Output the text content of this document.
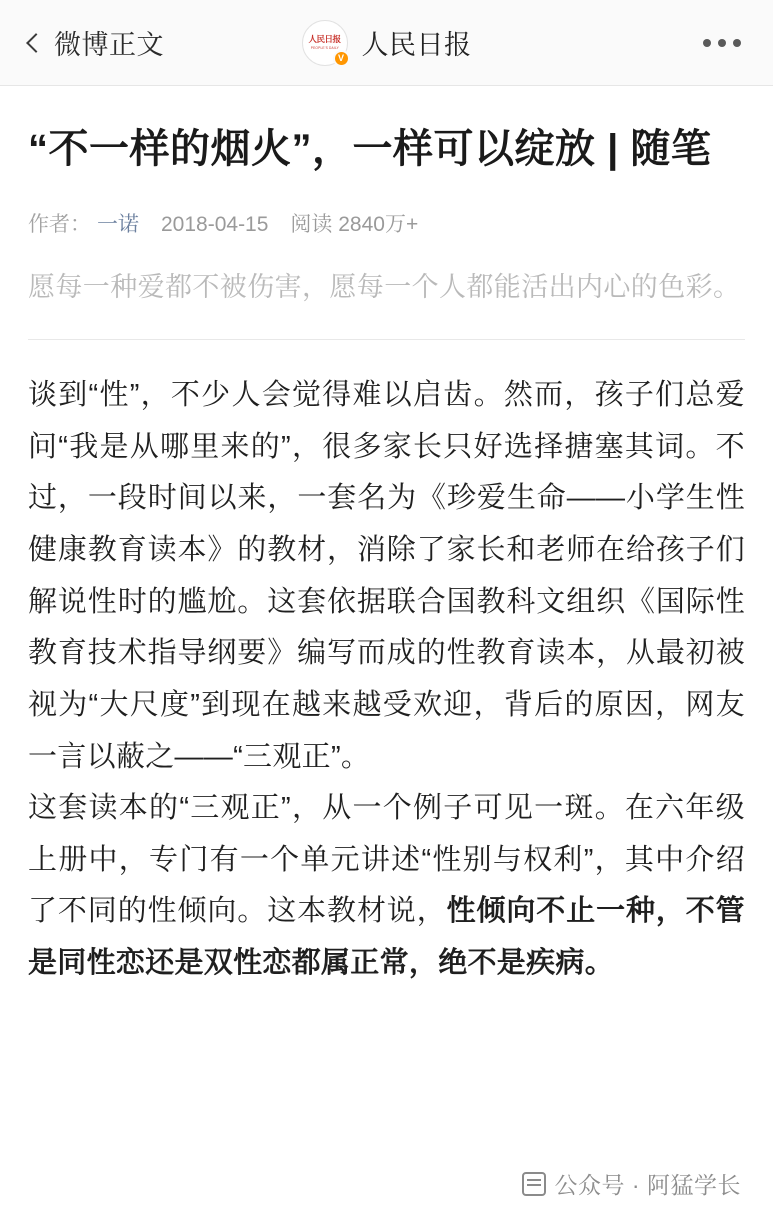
微博正文	人民日报
PEOPLE'S DAILY
V 人民日报
“不一样的烟火”，一样可以绽放 | 随笔
作者： 一诺 2018-04-15 阅读 2840万+
愿每一种爱都不被伤害，愿每一个人都能活出内心的色彩。

谈到“性”，不少人会觉得难以启齿。然而，孩子们总爱问“我是从哪里来的”，很多家长只好选择搪塞其词。不过，一段时间以来，一套名为《珍爱生命——小学生性健康教育读本》的教材，消除了家长和老师在给孩子们解说性时的尴尬。这套依据联合国教科文组织《国际性教育技术指导纲要》编写而成的性教育读本，从最初被视为“大尺度”到现在越来越受欢迎，背后的原因，网友一言以蔽之——“三观正”。

这套读本的“三观正”，从一个例子可见一斑。在六年级上册中，专门有一个单元讲述“性别与权利”，其中介绍了不同的性倾向。这本教材说，性倾向不止一种，不管是同性恋还是双性恋都属正常，绝不是疾病。

公众号 · 阿猛学长
